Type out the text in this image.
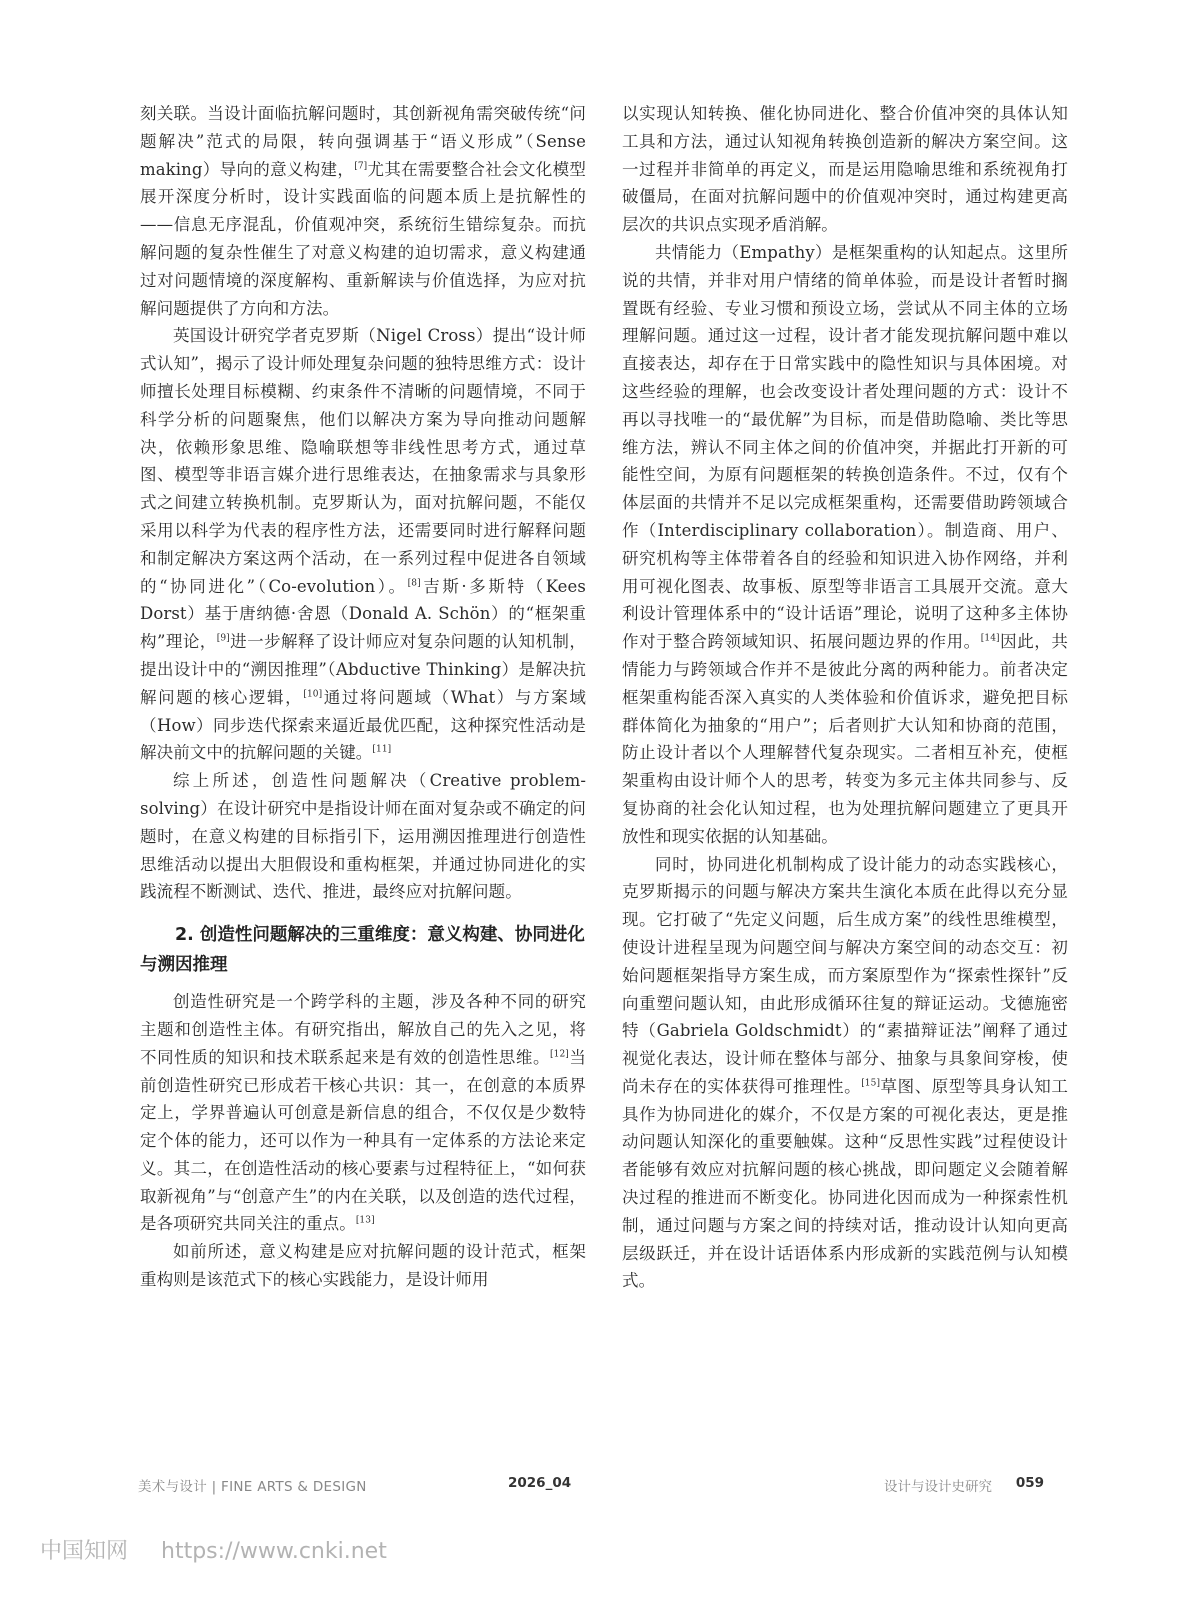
刻关联。当设计面临抗解问题时，其创新视角需突破传统“问题解决”范式的局限，转向强调基于“语义形成”（Sense making）导向的意义构建，[7]尤其在需要整合社会文化模型展开深度分析时，设计实践面临的问题本质上是抗解性的——信息无序混乱，价值观冲突，系统衍生错综复杂。而抗解问题的复杂性催生了对意义构建的迫切需求，意义构建通过对问题情境的深度解构、重新解读与价值选择，为应对抗解问题提供了方向和方法。

英国设计研究学者克罗斯（Nigel Cross）提出“设计师式认知”，揭示了设计师处理复杂问题的独特思维方式：设计师擅长处理目标模糊、约束条件不清晰的问题情境，不同于科学分析的问题聚焦，他们以解决方案为导向推动问题解决，依赖形象思维、隐喻联想等非线性思考方式，通过草图、模型等非语言媒介进行思维表达，在抽象需求与具象形式之间建立转换机制。克罗斯认为，面对抗解问题，不能仅采用以科学为代表的程序性方法，还需要同时进行解释问题和制定解决方案这两个活动，在一系列过程中促进各自领域的“协同进化”（Co-evolution）。[8]吉斯·多斯特（Kees Dorst）基于唐纳德·舍恩（Donald A. Schön）的“框架重构”理论，[9]进一步解释了设计师应对复杂问题的认知机制，提出设计中的“溯因推理”（Abductive Thinking）是解决抗解问题的核心逻辑，[10]通过将问题域（What）与方案域（How）同步迭代探索来逼近最优匹配，这种探究性活动是解决前文中的抗解问题的关键。[11]

综上所述，创造性问题解决（Creative problem-solving）在设计研究中是指设计师在面对复杂或不确定的问题时，在意义构建的目标指引下，运用溯因推理进行创造性思维活动以提出大胆假设和重构框架，并通过协同进化的实践流程不断测试、迭代、推进，最终应对抗解问题。

2. 创造性问题解决的三重维度：意义构建、协同进化与溯因推理

创造性研究是一个跨学科的主题，涉及各种不同的研究主题和创造性主体。有研究指出，解放自己的先入之见，将不同性质的知识和技术联系起来是有效的创造性思维。[12]当前创造性研究已形成若干核心共识：其一，在创意的本质界定上，学界普遍认可创意是新信息的组合，不仅仅是少数特定个体的能力，还可以作为一种具有一定体系的方法论来定义。其二，在创造性活动的核心要素与过程特征上，“如何获取新视角”与“创意产生”的内在关联，以及创造的迭代过程，是各项研究共同关注的重点。[13]

如前所述，意义构建是应对抗解问题的设计范式，框架重构则是该范式下的核心实践能力，是设计师用

以实现认知转换、催化协同进化、整合价值冲突的具体认知工具和方法，通过认知视角转换创造新的解决方案空间。这一过程并非简单的再定义，而是运用隐喻思维和系统视角打破僵局，在面对抗解问题中的价值观冲突时，通过构建更高层次的共识点实现矛盾消解。

共情能力（Empathy）是框架重构的认知起点。这里所说的共情，并非对用户情绪的简单体验，而是设计者暂时搁置既有经验、专业习惯和预设立场，尝试从不同主体的立场理解问题。通过这一过程，设计者才能发现抗解问题中难以直接表达，却存在于日常实践中的隐性知识与具体困境。对这些经验的理解，也会改变设计者处理问题的方式：设计不再以寻找唯一的“最优解”为目标，而是借助隐喻、类比等思维方法，辨认不同主体之间的价值冲突，并据此打开新的可能性空间，为原有问题框架的转换创造条件。不过，仅有个体层面的共情并不足以完成框架重构，还需要借助跨领域合作（Interdisciplinary collaboration）。制造商、用户、研究机构等主体带着各自的经验和知识进入协作网络，并利用可视化图表、故事板、原型等非语言工具展开交流。意大利设计管理体系中的“设计话语”理论，说明了这种多主体协作对于整合跨领域知识、拓展问题边界的作用。[14]因此，共情能力与跨领域合作并不是彼此分离的两种能力。前者决定框架重构能否深入真实的人类体验和价值诉求，避免把目标群体简化为抽象的“用户”；后者则扩大认知和协商的范围，防止设计者以个人理解替代复杂现实。二者相互补充，使框架重构由设计师个人的思考，转变为多元主体共同参与、反复协商的社会化认知过程，也为处理抗解问题建立了更具开放性和现实依据的认知基础。

同时，协同进化机制构成了设计能力的动态实践核心，克罗斯揭示的问题与解决方案共生演化本质在此得以充分显现。它打破了“先定义问题，后生成方案”的线性思维模型，使设计进程呈现为问题空间与解决方案空间的动态交互：初始问题框架指导方案生成，而方案原型作为“探索性探针”反向重塑问题认知，由此形成循环往复的辩证运动。戈德施密特（Gabriela Goldschmidt）的“素描辩证法”阐释了通过视觉化表达，设计师在整体与部分、抽象与具象间穿梭，使尚未存在的实体获得可推理性。[15]草图、原型等具身认知工具作为协同进化的媒介，不仅是方案的可视化表达，更是推动问题认知深化的重要触媒。这种“反思性实践”过程使设计者能够有效应对抗解问题的核心挑战，即问题定义会随着解决过程的推进而不断变化。协同进化因而成为一种探索性机制，通过问题与方案之间的持续对话，推动设计认知向更高层级跃迁，并在设计话语体系内形成新的实践范例与认知模式。

美术与设计 | FINE ARTS & DESIGN	2026_04	设计与设计史研究 059
中国知网 https://www.cnki.net
